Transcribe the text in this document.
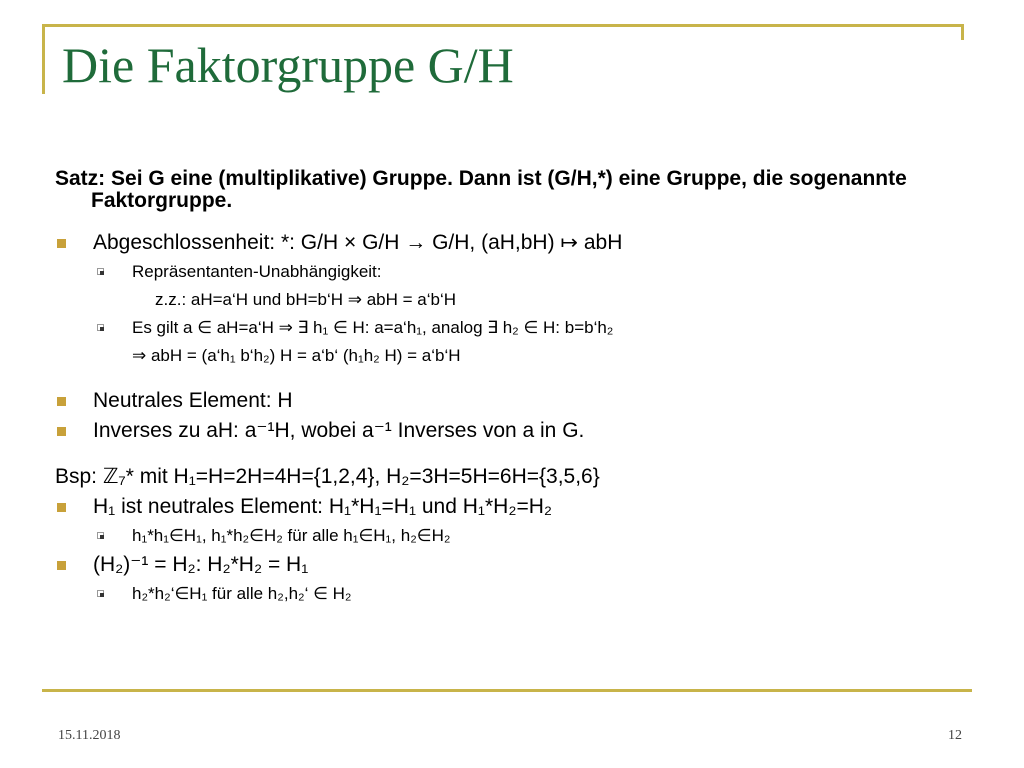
Die Faktorgruppe G/H
Satz: Sei G eine (multiplikative) Gruppe. Dann ist (G/H,*) eine Gruppe, die sogenannte Faktorgruppe.
Abgeschlossenheit: *: G/H × G/H → G/H, (aH,bH) ↦ abH
Repräsentanten-Unabhängigkeit:
z.z.: aH=a‘H und bH=b‘H ⇒ abH = a‘b‘H
Es gilt a ∈ aH=a‘H ⇒ ∃ h₁ ∈ H: a=a‘h₁, analog ∃ h₂ ∈ H: b=b‘h₂
⇒ abH = (a‘h₁ b‘h₂) H = a‘b‘ (h₁h₂ H) = a‘b‘H
Neutrales Element: H
Inverses zu aH: a⁻¹H, wobei a⁻¹ Inverses von a in G.
Bsp: ℤ₇* mit H₁=H=2H=4H={1,2,4}, H₂=3H=5H=6H={3,5,6}
H₁ ist neutrales Element: H₁*H₁=H₁ und H₁*H₂=H₂
h₁*h₁∈H₁, h₁*h₂∈H₂ für alle h₁∈H₁, h₂∈H₂
(H₂)⁻¹ = H₂: H₂*H₂ = H₁
h₂*h₂‘∈H₁ für alle h₂,h₂‘ ∈ H₂
15.11.2018	12
